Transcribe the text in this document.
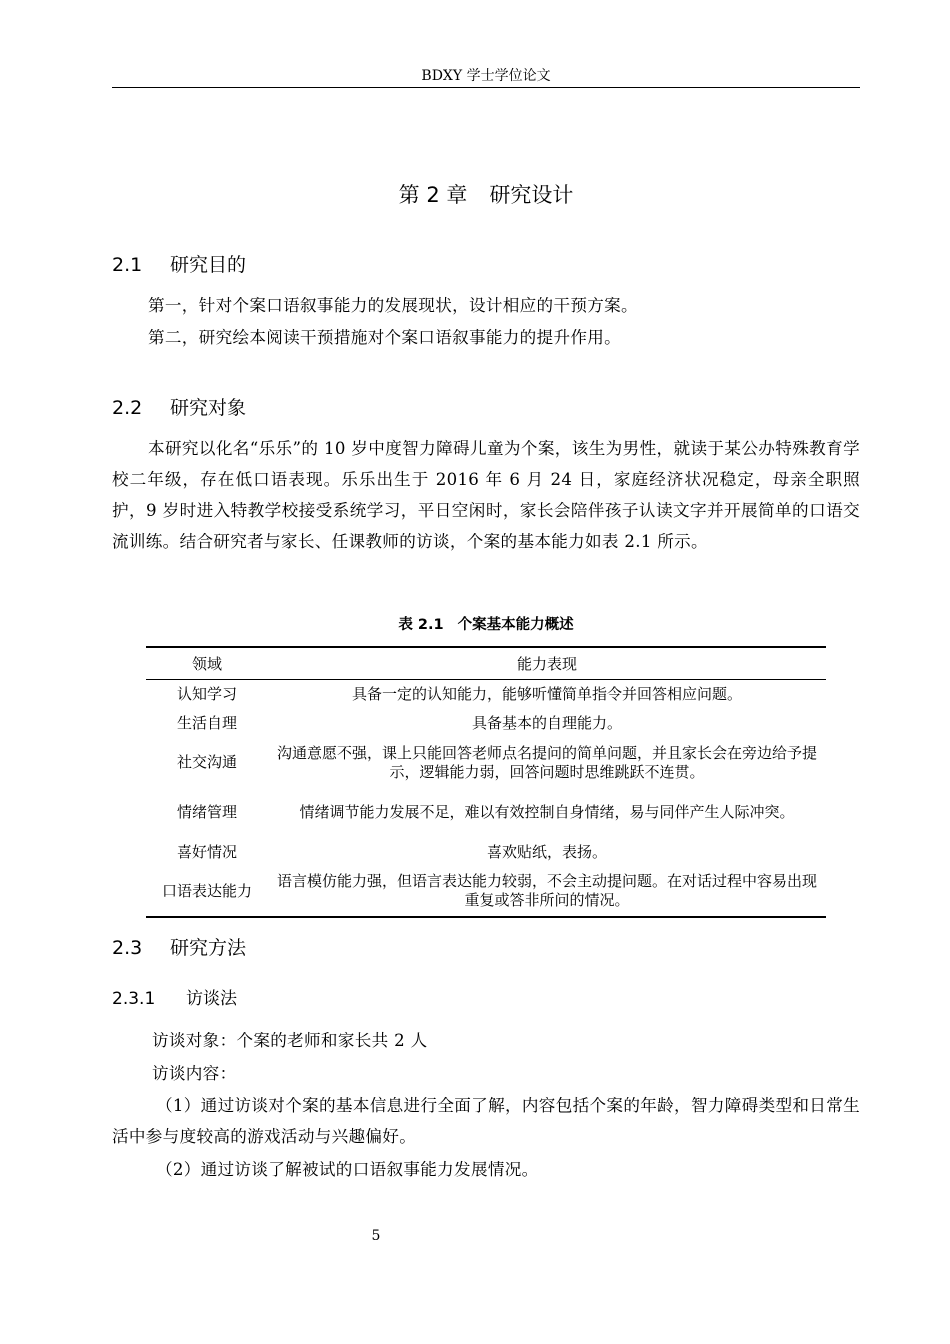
BDXY 学士学位论文
第 2 章 研究设计
2.1 研究目的
第一，针对个案口语叙事能力的发展现状，设计相应的干预方案。
第二，研究绘本阅读干预措施对个案口语叙事能力的提升作用。
2.2 研究对象
本研究以化名“乐乐”的 10 岁中度智力障碍儿童为个案，该生为男性，就读于某公办特殊教育学校二年级，存在低口语表现。乐乐出生于 2016 年 6 月 24 日，家庭经济状况稳定，母亲全职照护，9 岁时进入特教学校接受系统学习，平日空闲时，家长会陪伴孩子认读文字并开展简单的口语交流训练。结合研究者与家长、任课教师的访谈，个案的基本能力如表 2.1 所示。
表 2.1 个案基本能力概述
领域	能力表现
认知学习	具备一定的认知能力，能够听懂简单指令并回答相应问题。
生活自理	具备基本的自理能力。
社交沟通	沟通意愿不强，课上只能回答老师点名提问的简单问题，并且家长会在旁边给予提示，逻辑能力弱，回答问题时思维跳跃不连贯。
情绪管理	情绪调节能力发展不足，难以有效控制自身情绪，易与同伴产生人际冲突。
喜好情况	喜欢贴纸，表扬。
口语表达能力	语言模仿能力强，但语言表达能力较弱，不会主动提问题。在对话过程中容易出现重复或答非所问的情况。
2.3 研究方法
2.3.1 访谈法
访谈对象：个案的老师和家长共 2 人
访谈内容：
（1）通过访谈对个案的基本信息进行全面了解，内容包括个案的年龄，智力障碍类型和日常生活中参与度较高的游戏活动与兴趣偏好。
（2）通过访谈了解被试的口语叙事能力发展情况。
5
